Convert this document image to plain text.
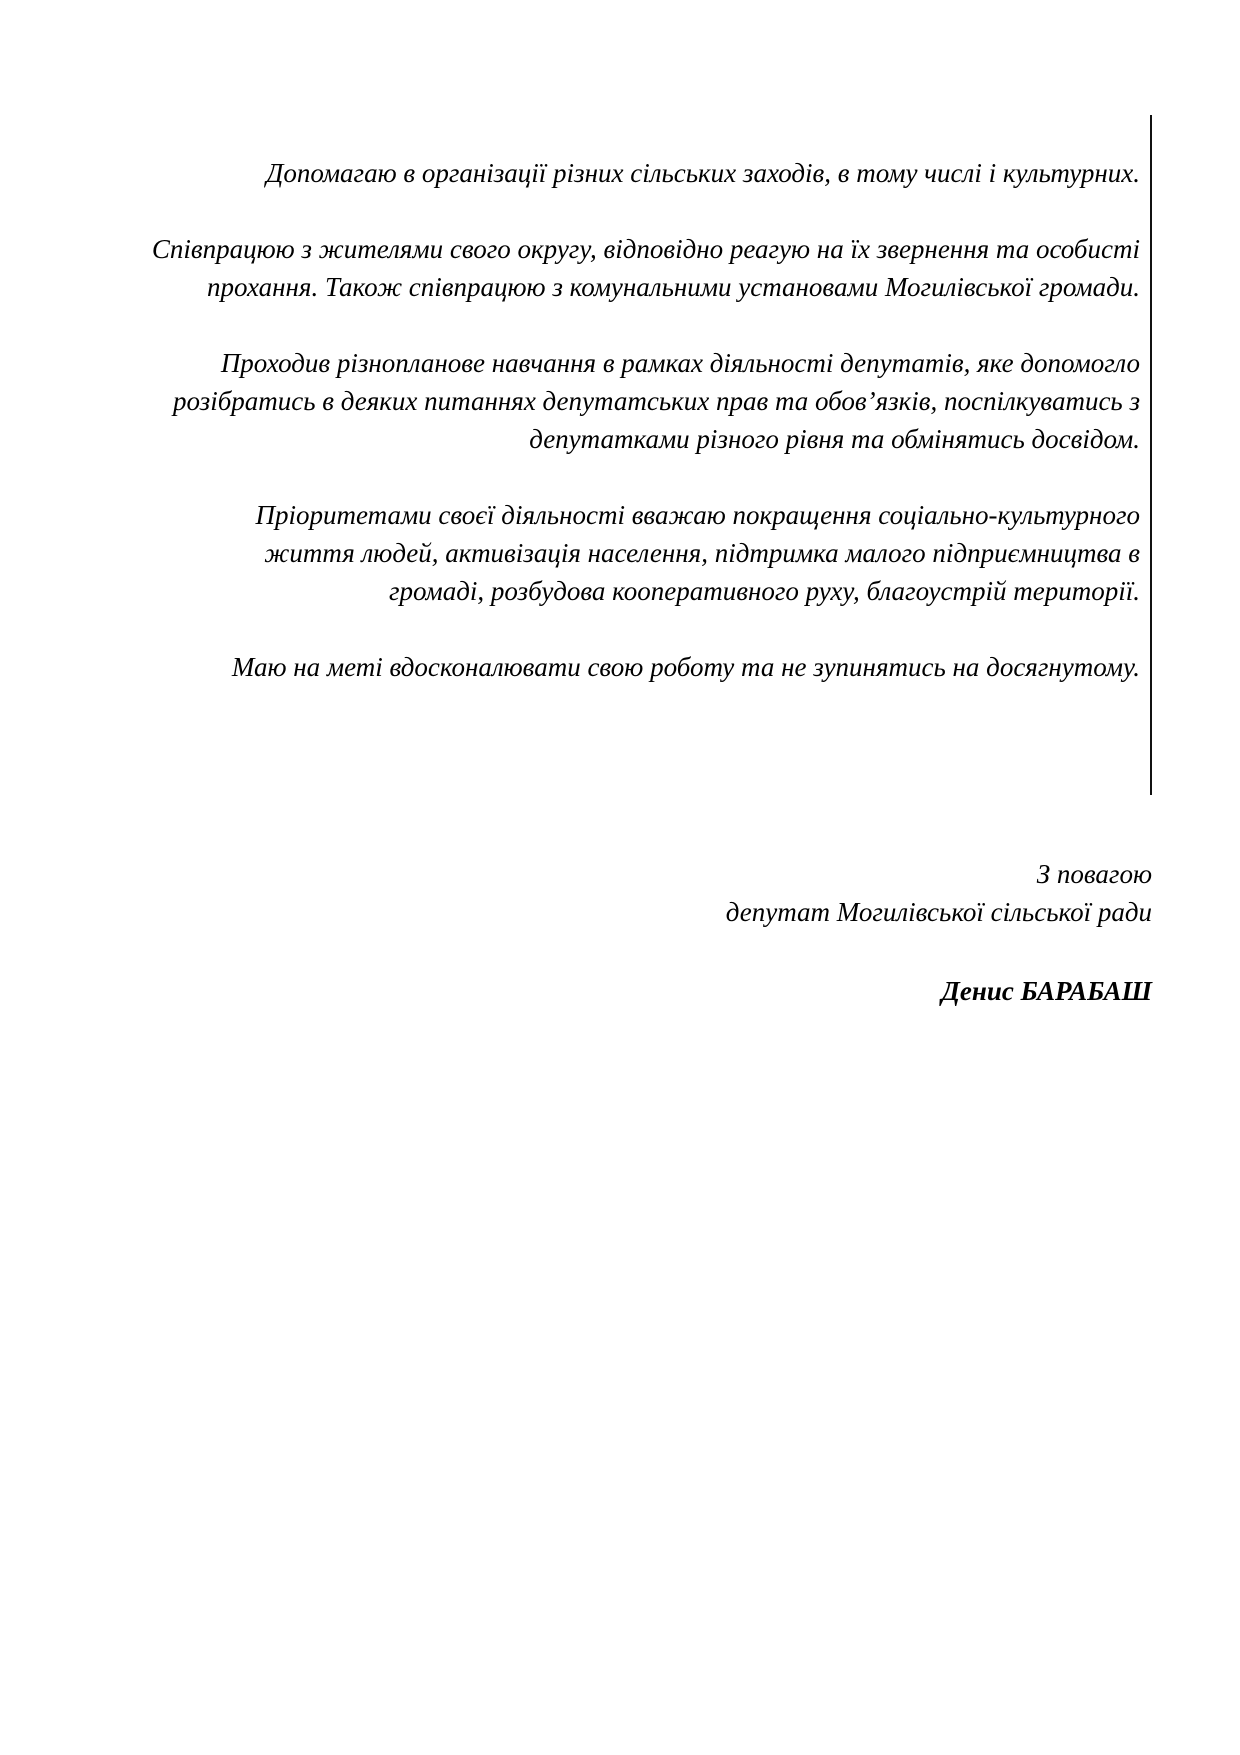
Допомагаю в організації різних сільських заходів, в тому числі і культурних.

Співпрацюю з жителями свого округу, відповідно реагую на їх звернення та особисті прохання. Також співпрацюю з комунальними установами Могилівської громади.

Проходив різнопланове навчання в рамках діяльності депутатів, яке допомогло розібратись в деяких питаннях депутатських прав та обов’язків, поспілкуватись з депутатками різного рівня та обмінятись досвідом.

Пріоритетами своєї діяльності вважаю покращення соціально-культурного життя людей, активізація населення, підтримка малого підприємництва в громаді, розбудова кооперативного руху, благоустрій території.

Маю на меті вдосконалювати свою роботу та не зупинятись на досягнутому.

З повагою
депутат Могилівської сільської ради
Денис БАРАБАШ
